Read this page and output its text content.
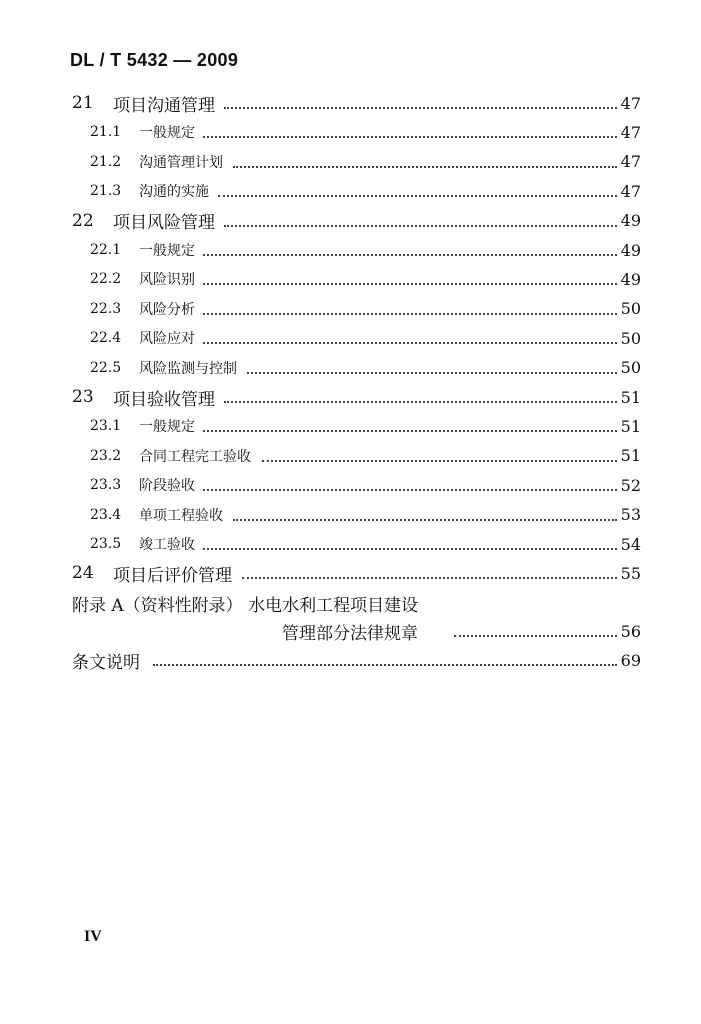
DL / T 5432 — 2009
21 项目沟通管理	47
21.1 一般规定	47
21.2 沟通管理计划	47
21.3 沟通的实施	47
22 项目风险管理	49
22.1 一般规定	49
22.2 风险识别	49
22.3 风险分析	50
22.4 风险应对	50
22.5 风险监测与控制	50
23 项目验收管理	51
23.1 一般规定	51
23.2 合同工程完工验收	51
23.3 阶段验收	52
23.4 单项工程验收	53
23.5 竣工验收	54
24 项目后评价管理	55
附录 A（资料性附录） 水电水利工程项目建设
管理部分法律规章	56
条文说明	69
IV
